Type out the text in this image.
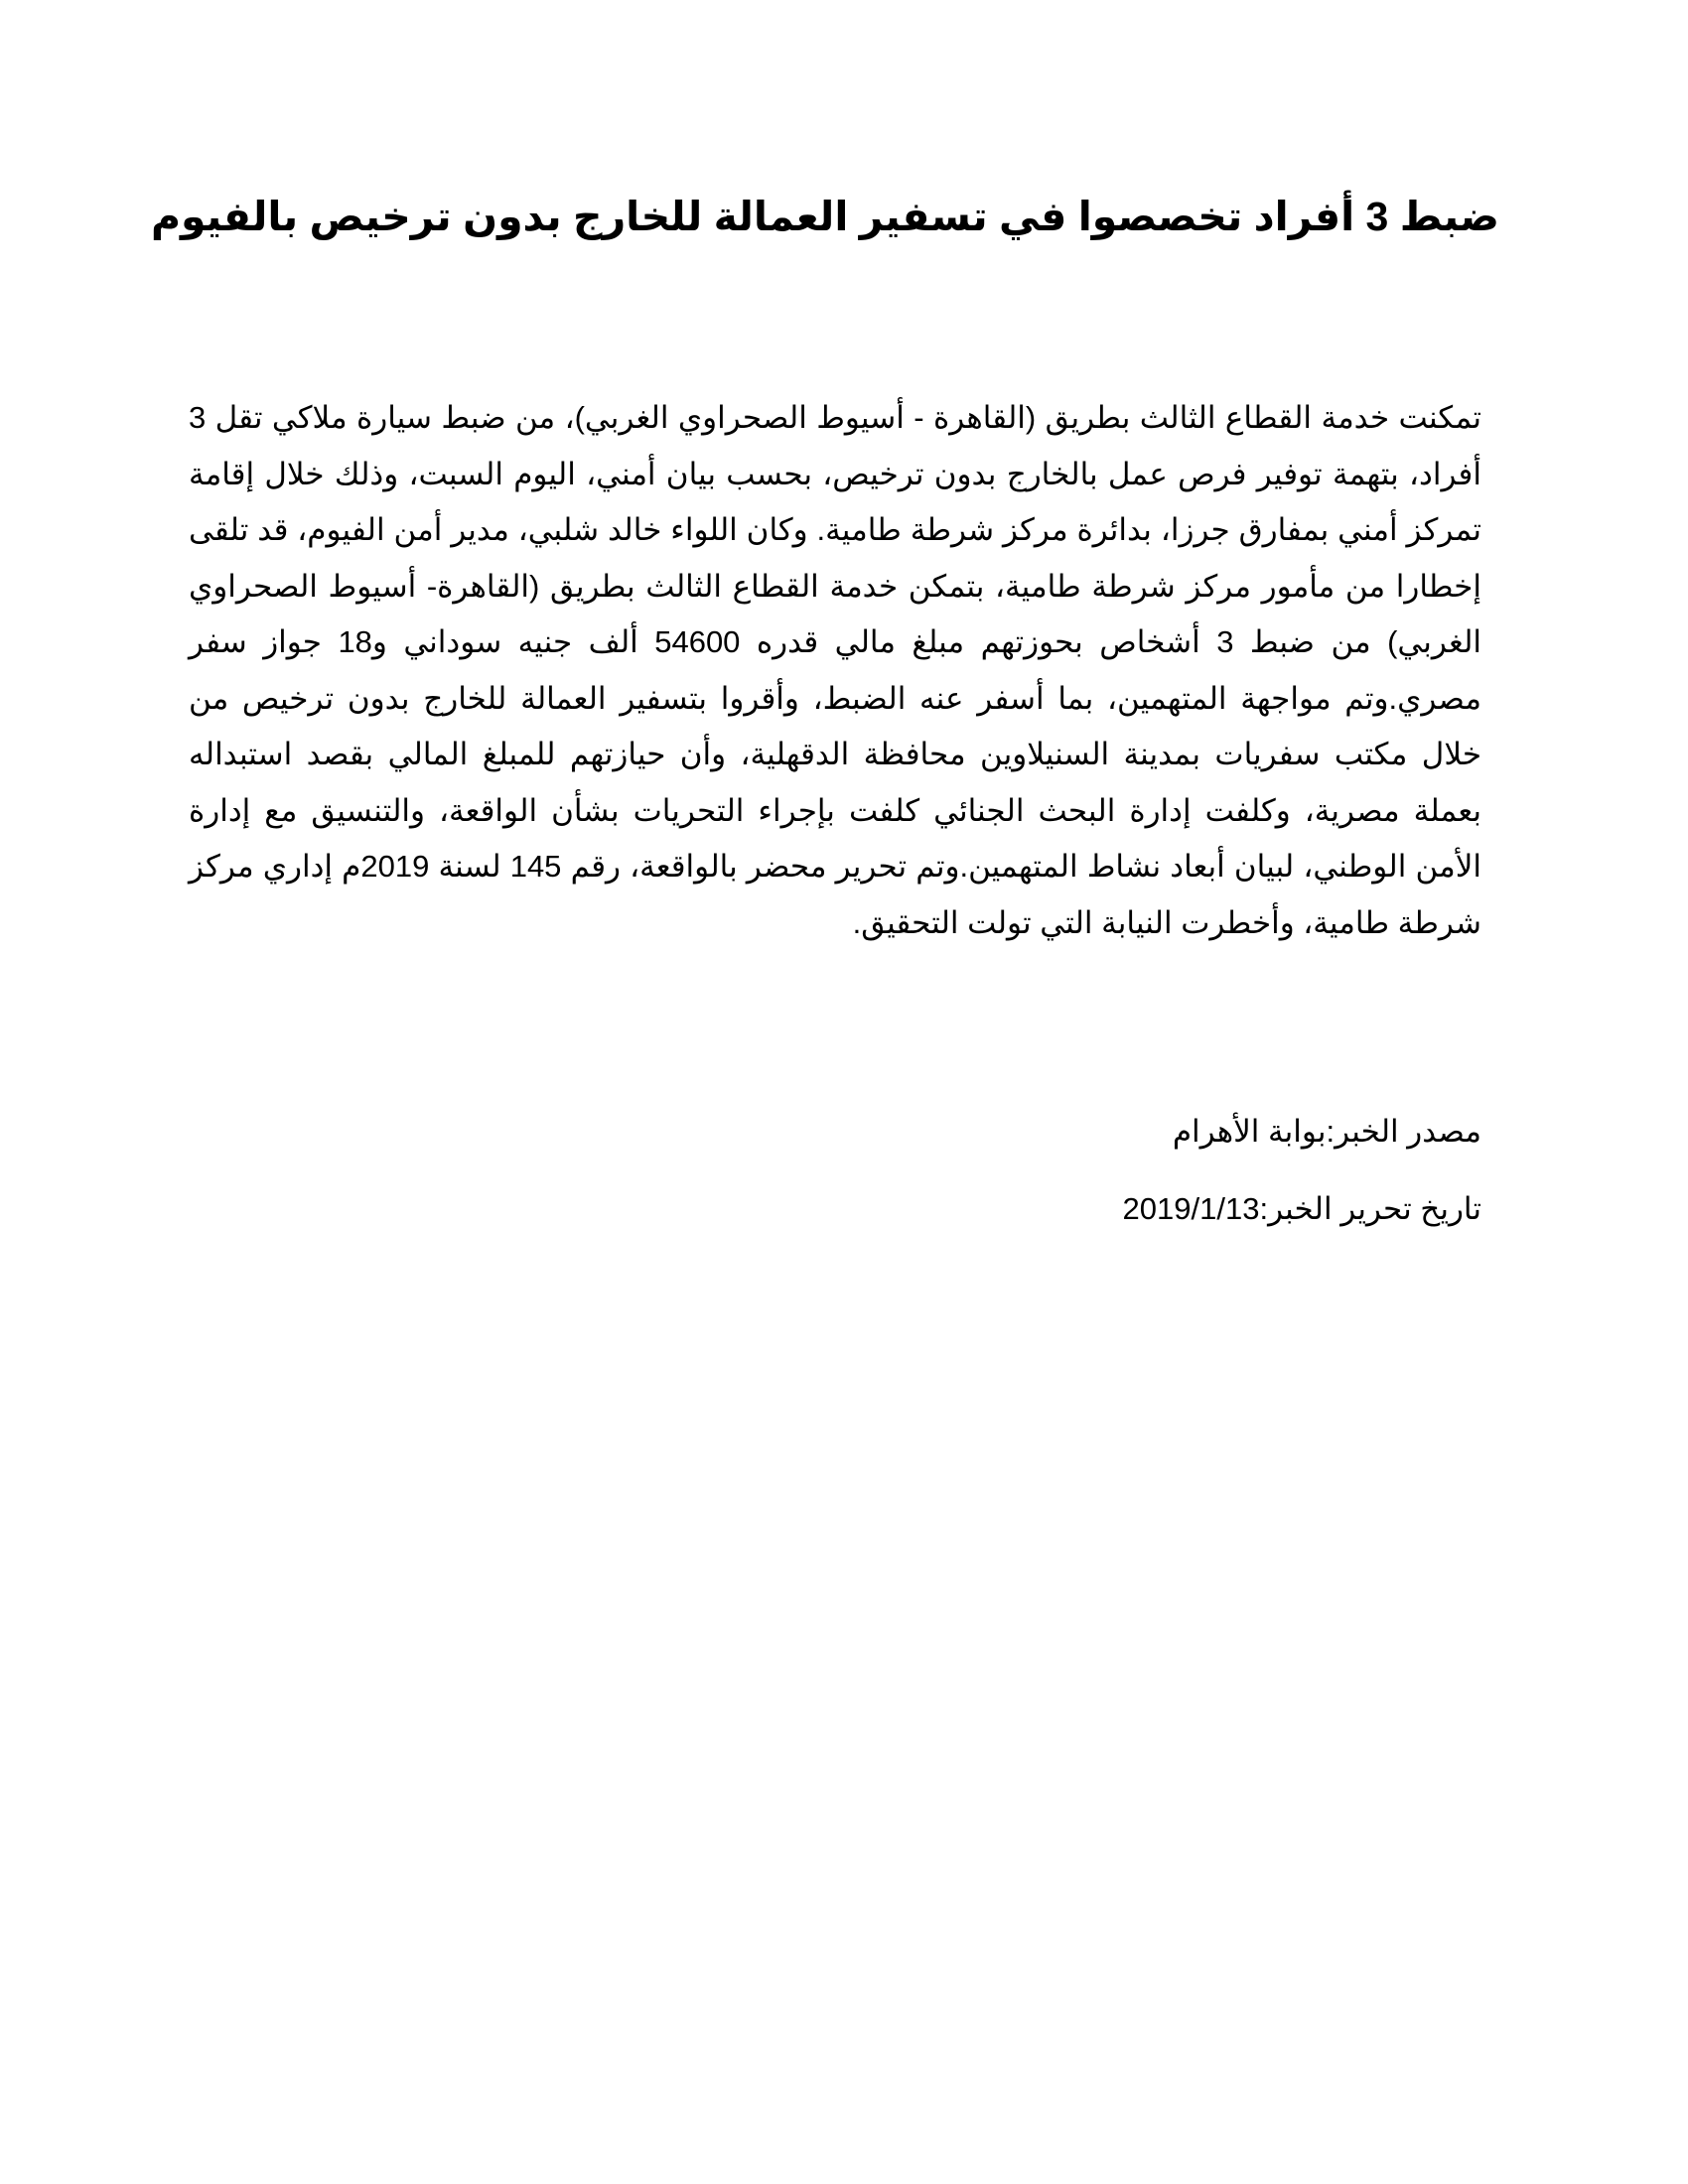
ضبط 3 أفراد تخصصوا في تسفير العمالة للخارج بدون ترخيص بالفيوم

تمكنت خدمة القطاع الثالث بطريق (القاهرة - أسيوط الصحراوي الغربي)، من ضبط سيارة ملاكي تقل 3 أفراد، بتهمة توفير فرص عمل بالخارج بدون ترخيص، بحسب بيان أمني، اليوم السبت، وذلك خلال إقامة تمركز أمني بمفارق جرزا، بدائرة مركز شرطة طامية. وكان اللواء خالد شلبي، مدير أمن الفيوم، قد تلقى إخطارا من مأمور مركز شرطة طامية، بتمكن خدمة القطاع الثالث بطريق (القاهرة- أسيوط الصحراوي الغربي) من ضبط 3 أشخاص بحوزتهم مبلغ مالي قدره 54600 ألف جنيه سوداني و18 جواز سفر مصري.وتم مواجهة المتهمين، بما أسفر عنه الضبط، وأقروا بتسفير العمالة للخارج بدون ترخيص من خلال مكتب سفريات بمدينة السنيلاوين محافظة الدقهلية، وأن حيازتهم للمبلغ المالي بقصد استبداله بعملة مصرية، وكلفت إدارة البحث الجنائي كلفت بإجراء التحريات بشأن الواقعة، والتنسيق مع إدارة الأمن الوطني، لبيان أبعاد نشاط المتهمين.وتم تحرير محضر بالواقعة، رقم 145 لسنة 2019م إداري مركز شرطة طامية، وأخطرت النيابة التي تولت التحقيق.

مصدر الخبر:بوابة الأهرام

تاريخ تحرير الخبر:2019/1/13
